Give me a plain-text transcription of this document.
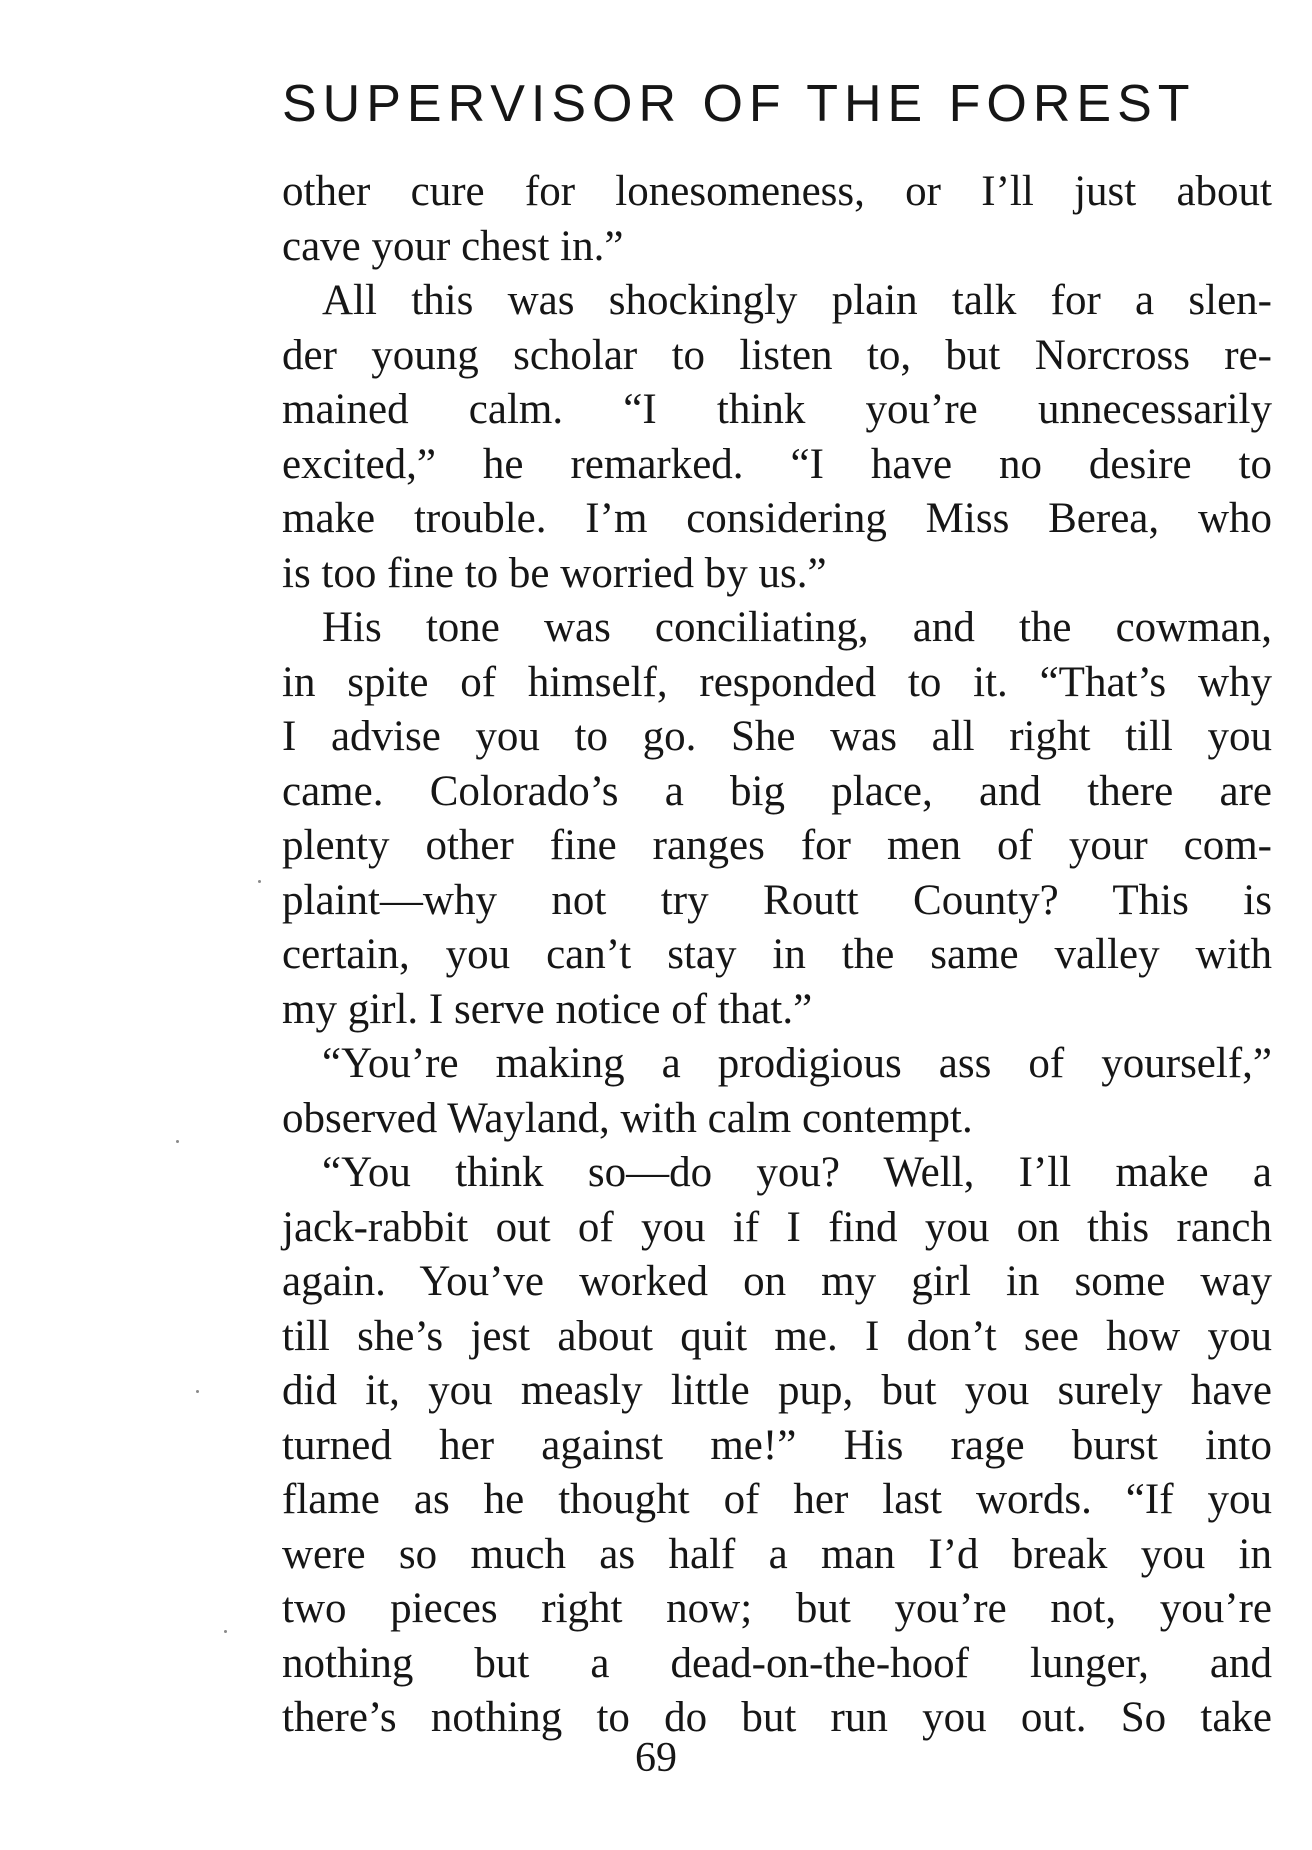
SUPERVISOR OF THE FOREST

other cure for lonesomeness, or I’ll just about

cave your chest in.”

All this was shockingly plain talk for a slen-

der young scholar to listen to, but Norcross re-

mained calm. “I think you’re unnecessarily

excited,” he remarked. “I have no desire to

make trouble. I’m considering Miss Berea, who

is too fine to be worried by us.”

His tone was conciliating, and the cowman,

in spite of himself, responded to it. “That’s why

I advise you to go. She was all right till you

came. Colorado’s a big place, and there are

plenty other fine ranges for men of your com-

plaint—why not try Routt County? This is

certain, you can’t stay in the same valley with

my girl. I serve notice of that.”

“You’re making a prodigious ass of yourself,”

observed Wayland, with calm contempt.

“You think so—do you? Well, I’ll make a

jack-rabbit out of you if I find you on this ranch

again. You’ve worked on my girl in some way

till she’s jest about quit me. I don’t see how you

did it, you measly little pup, but you surely have

turned her against me!” His rage burst into

flame as he thought of her last words. “If you

were so much as half a man I’d break you in

two pieces right now; but you’re not, you’re

nothing but a dead-on-the-hoof lunger, and

there’s nothing to do but run you out. So take

69
